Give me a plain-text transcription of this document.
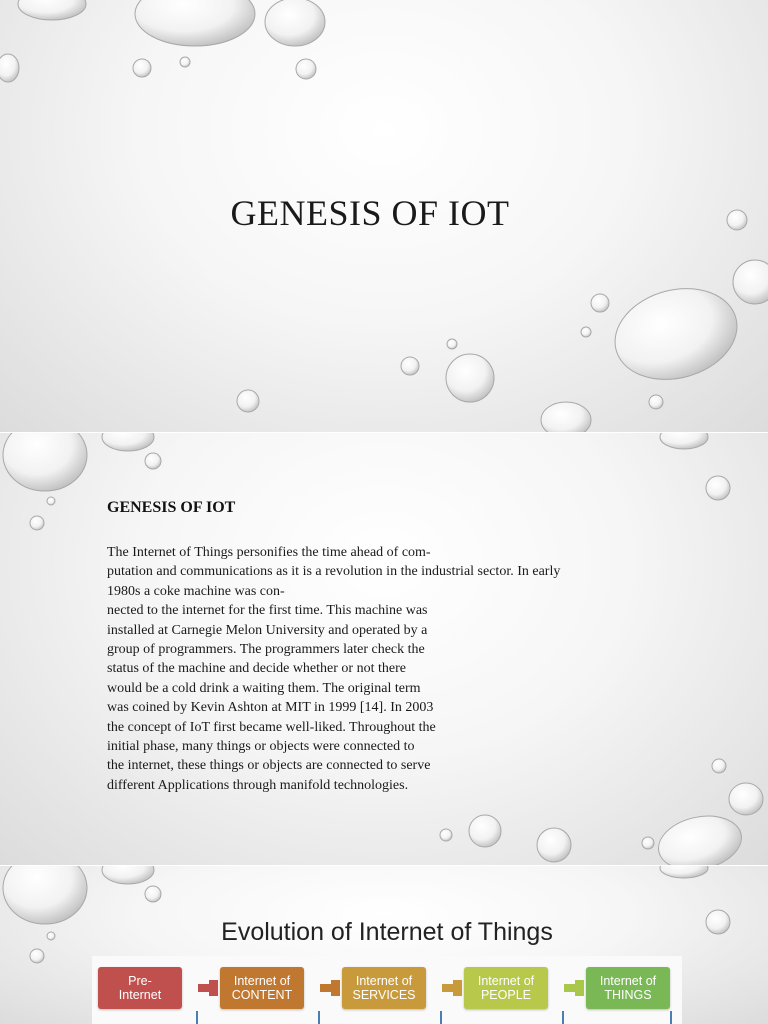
GENESIS OF IOT
GENESIS OF IOT
The Internet of Things personifies the time ahead of com-
putation and communications as it is a revolution in the industrial sector. In early
1980s a coke machine was con-
nected to the internet for the first time. This machine was
installed at Carnegie Melon University and operated by a
group of programmers. The programmers later check the
status of the machine and decide whether or not there
would be a cold drink a waiting them. The original term
was coined by Kevin Ashton at MIT in 1999 [14]. In 2003
the concept of IoT first became well-liked. Throughout the
initial phase, many things or objects were connected to
the internet, these things or objects are connected to serve
different Applications through manifold technologies.
Evolution of Internet of Things
Pre-
Internet
Internet of
CONTENT
Internet of
SERVICES
Internet of
PEOPLE
Internet of
THINGS
